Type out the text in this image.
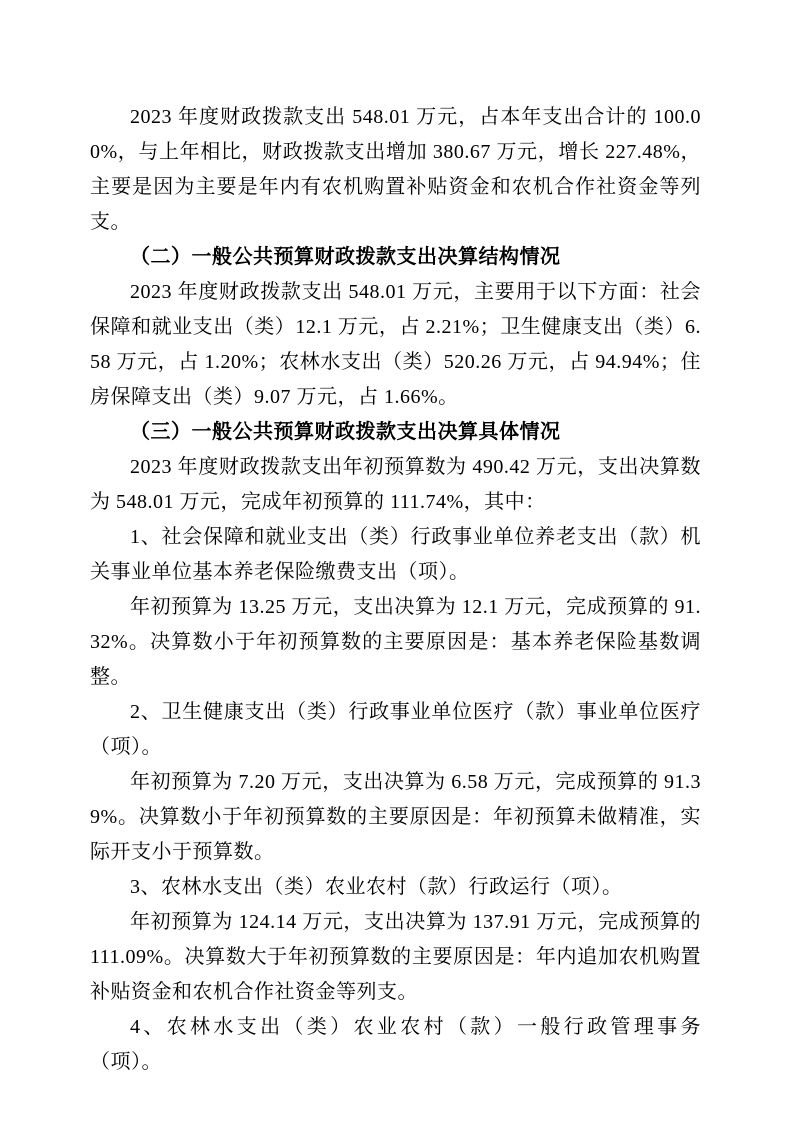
2023 年度财政拨款支出 548.01 万元，占本年支出合计的 100.00%，与上年相比，财政拨款支出增加 380.67 万元，增长 227.48%，主要是因为主要是年内有农机购置补贴资金和农机合作社资金等列支。

（二）一般公共预算财政拨款支出决算结构情况

2023 年度财政拨款支出 548.01 万元，主要用于以下方面：社会保障和就业支出（类）12.1 万元，占 2.21%；卫生健康支出（类）6.58 万元，占 1.20%；农林水支出（类）520.26 万元，占 94.94%；住房保障支出（类）9.07 万元，占 1.66%。

（三）一般公共预算财政拨款支出决算具体情况

2023 年度财政拨款支出年初预算数为 490.42 万元，支出决算数为 548.01 万元，完成年初预算的 111.74%，其中：

1、社会保障和就业支出（类）行政事业单位养老支出（款）机关事业单位基本养老保险缴费支出（项）。

年初预算为 13.25 万元，支出决算为 12.1 万元，完成预算的 91.32%。决算数小于年初预算数的主要原因是：基本养老保险基数调整。

2、卫生健康支出（类）行政事业单位医疗（款）事业单位医疗（项）。

年初预算为 7.20 万元，支出决算为 6.58 万元，完成预算的 91.39%。决算数小于年初预算数的主要原因是：年初预算未做精准，实际开支小于预算数。

3、农林水支出（类）农业农村（款）行政运行（项）。

年初预算为 124.14 万元，支出决算为 137.91 万元，完成预算的 111.09%。决算数大于年初预算数的主要原因是：年内追加农机购置补贴资金和农机合作社资金等列支。

4、农林水支出（类）农业农村（款）一般行政管理事务（项）。
